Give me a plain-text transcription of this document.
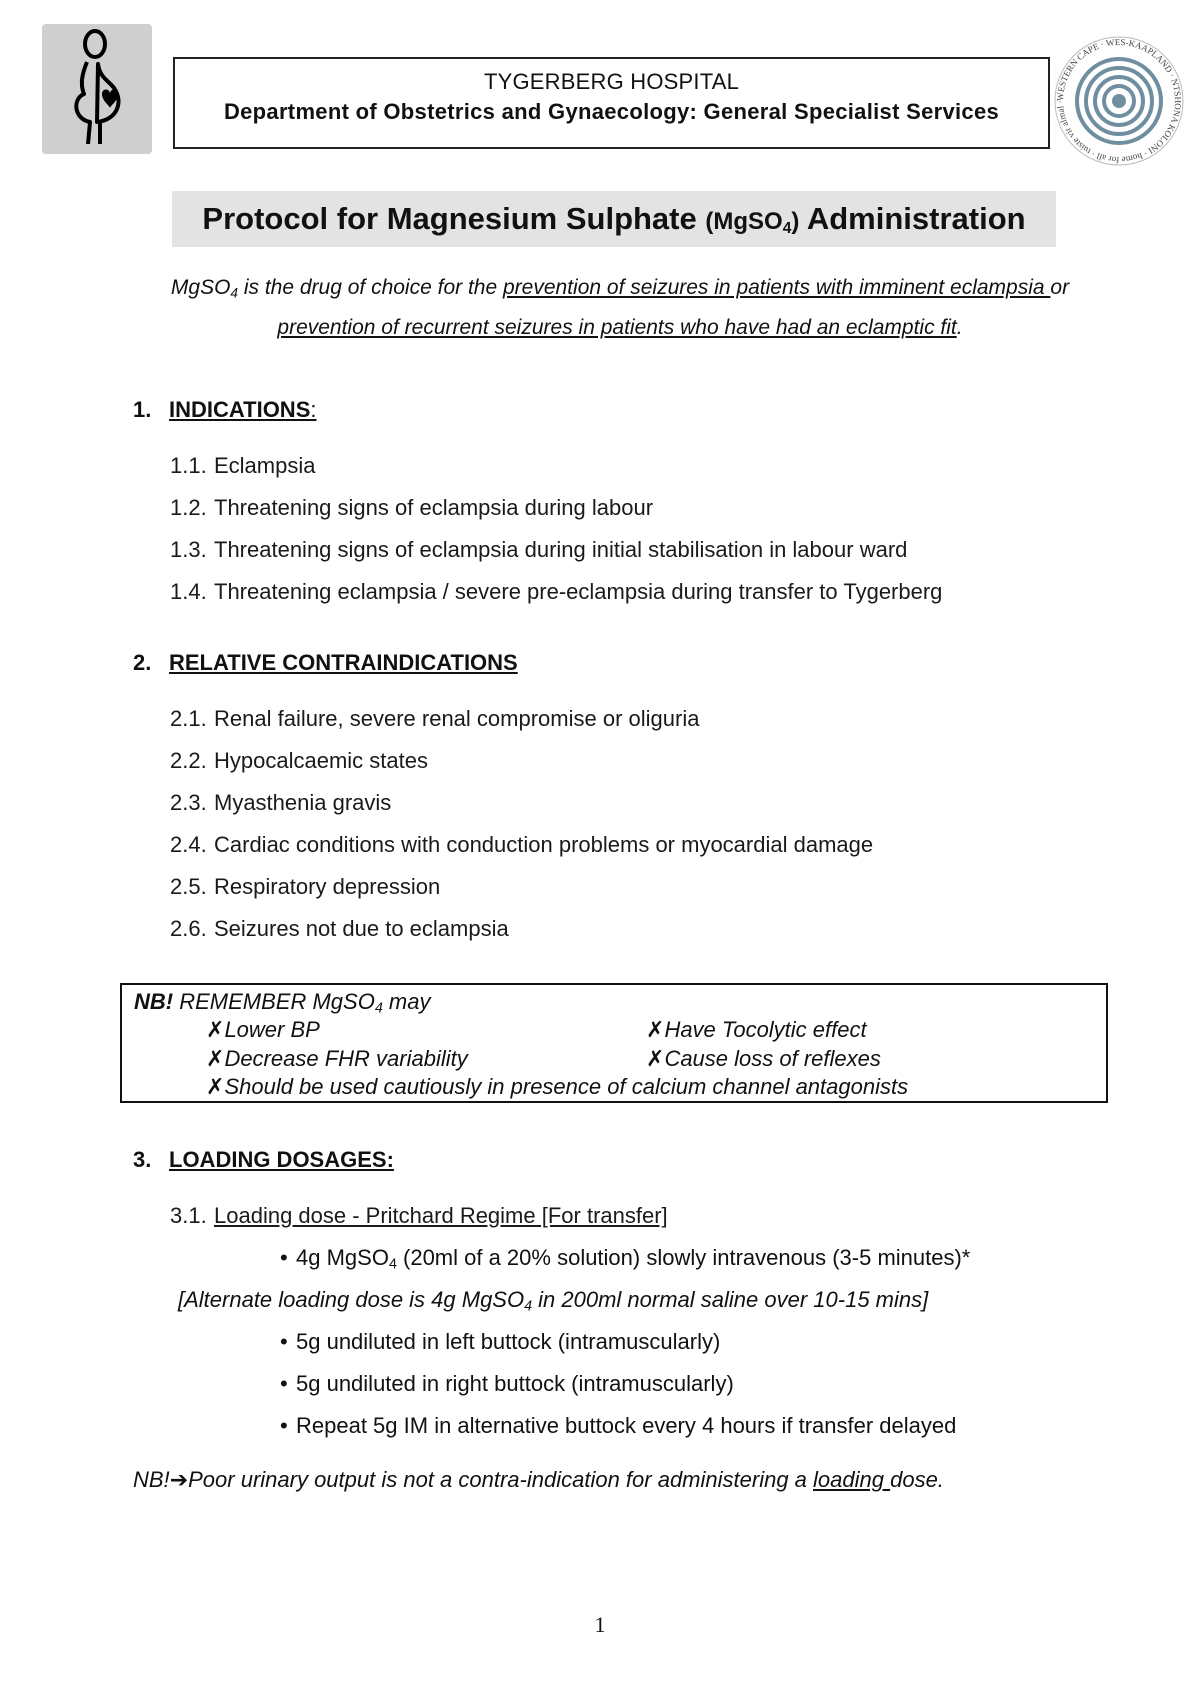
TYGERBERG HOSPITAL
Department of Obstetrics and Gynaecology: General Specialist Services
WESTERN CAPE · WES-KAAPLAND · NTSHONA KOLONI · home for all · tuiste vir almal ·
Protocol for Magnesium Sulphate (MgSO$_4$) Administration
MgSO$_4$ is the drug of choice for the prevention of seizures in patients with imminent eclampsia or
prevention of recurrent seizures in patients who have had an eclamptic fit.
1. INDICATIONS:
1.1. Eclampsia
1.2. Threatening signs of eclampsia during labour
1.3. Threatening signs of eclampsia during initial stabilisation in labour ward
1.4. Threatening eclampsia / severe pre-eclampsia during transfer to Tygerberg
2. RELATIVE CONTRAINDICATIONS
2.1. Renal failure, severe renal compromise or oliguria
2.2. Hypocalcaemic states
2.3. Myasthenia gravis
2.4. Cardiac conditions with conduction problems or myocardial damage
2.5. Respiratory depression
2.6. Seizures not due to eclampsia
NB! REMEMBER MgSO$_4$ may
✗Lower BP	✗Have Tocolytic effect
✗Decrease FHR variability	✗Cause loss of reflexes
✗Should be used cautiously in presence of calcium channel antagonists
3. LOADING DOSAGES:
3.1. Loading dose - Pritchard Regime [For transfer]
• 4g MgSO$_4$ (20ml of a 20% solution) slowly intravenous (3-5 minutes)*
[Alternate loading dose is 4g MgSO$_4$ in 200ml normal saline over 10-15 mins]
• 5g undiluted in left buttock (intramuscularly)
• 5g undiluted in right buttock (intramuscularly)
• Repeat 5g IM in alternative buttock every 4 hours if transfer delayed
NB!➔Poor urinary output is not a contra-indication for administering a loading dose.
1
